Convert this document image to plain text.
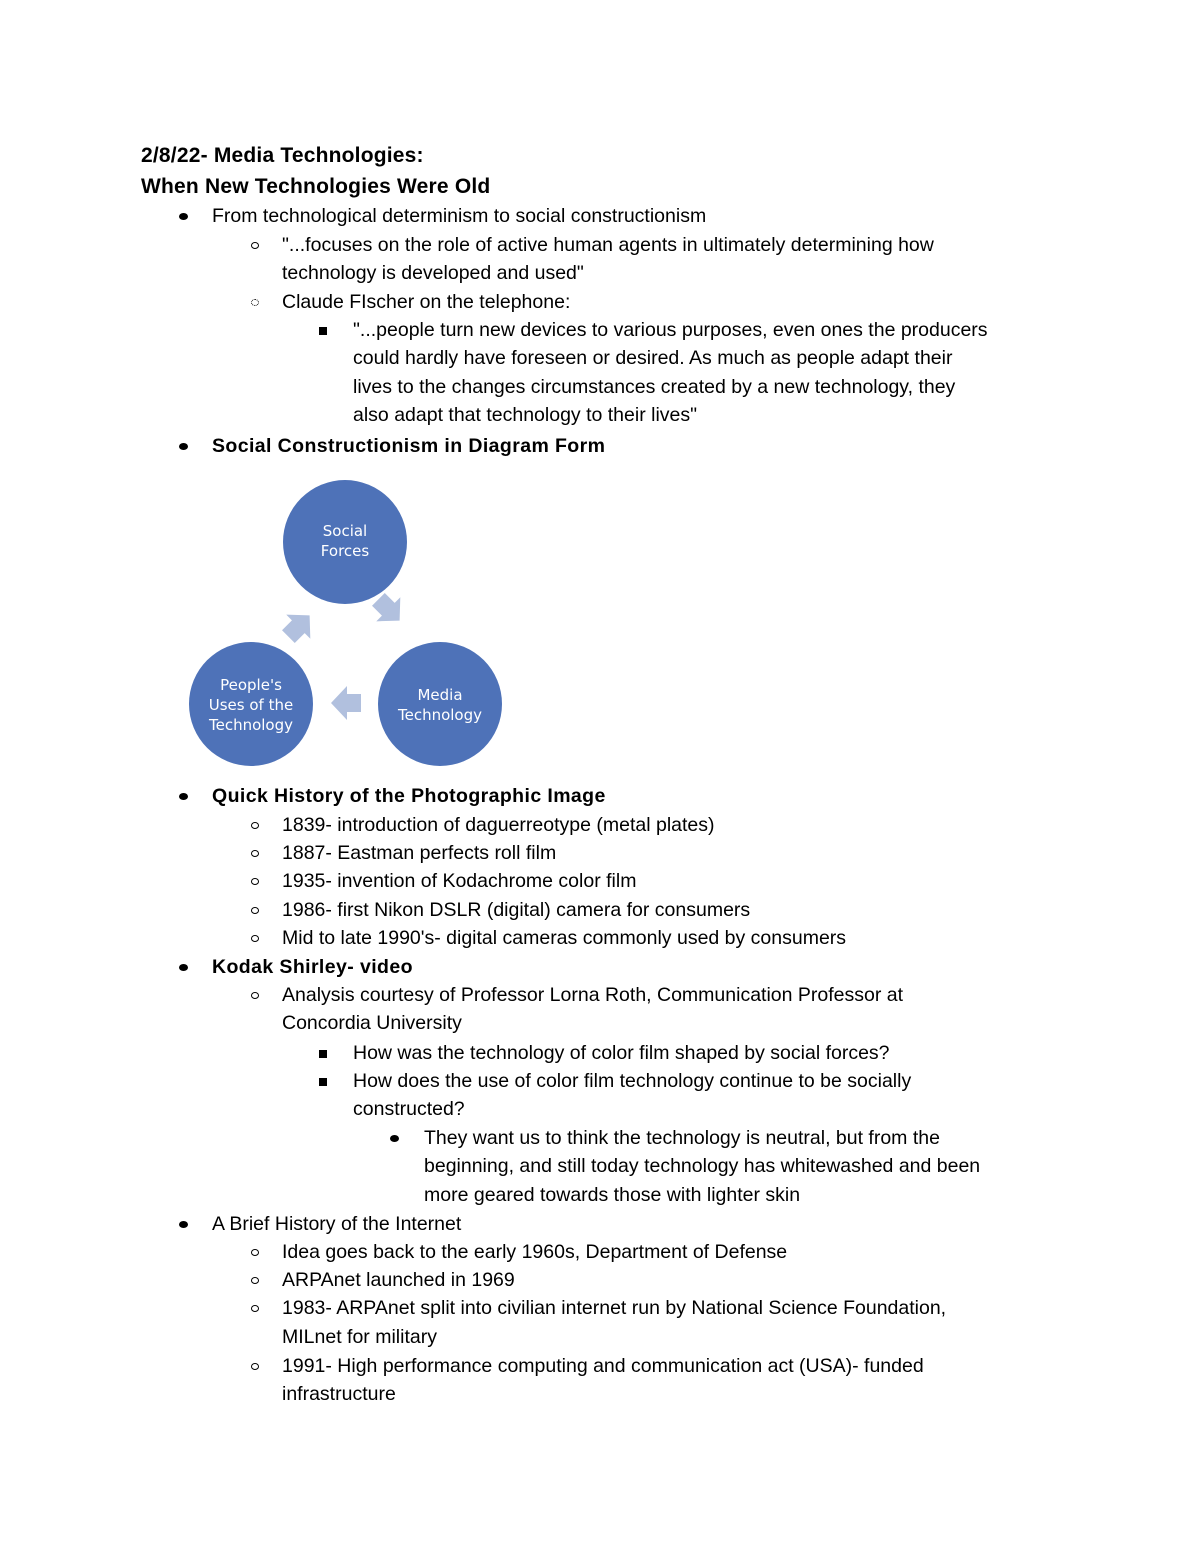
2/8/22- Media Technologies:
When New Technologies Were Old
From technological determinism to social constructionism
"...focuses on the role of active human agents in ultimately determining how
technology is developed and used"
Claude FIscher on the telephone:
"...people turn new devices to various purposes, even ones the producers
could hardly have foreseen or desired. As much as people adapt their
lives to the changes circumstances created by a new technology, they
also adapt that technology to their lives"
Social Constructionism in Diagram Form
Social
Forces
Media
Technology
People's
Uses of the
Technology
Quick History of the Photographic Image
1839- introduction of daguerreotype (metal plates)
1887- Eastman perfects roll film
1935- invention of Kodachrome color film
1986- first Nikon DSLR (digital) camera for consumers
Mid to late 1990's- digital cameras commonly used by consumers
Kodak Shirley- video
Analysis courtesy of Professor Lorna Roth, Communication Professor at
Concordia University
How was the technology of color film shaped by social forces?
How does the use of color film technology continue to be socially
constructed?
They want us to think the technology is neutral, but from the
beginning, and still today technology has whitewashed and been
more geared towards those with lighter skin
A Brief History of the Internet
Idea goes back to the early 1960s, Department of Defense
ARPAnet launched in 1969
1983- ARPAnet split into civilian internet run by National Science Foundation,
MILnet for military
1991- High performance computing and communication act (USA)- funded
infrastructure
